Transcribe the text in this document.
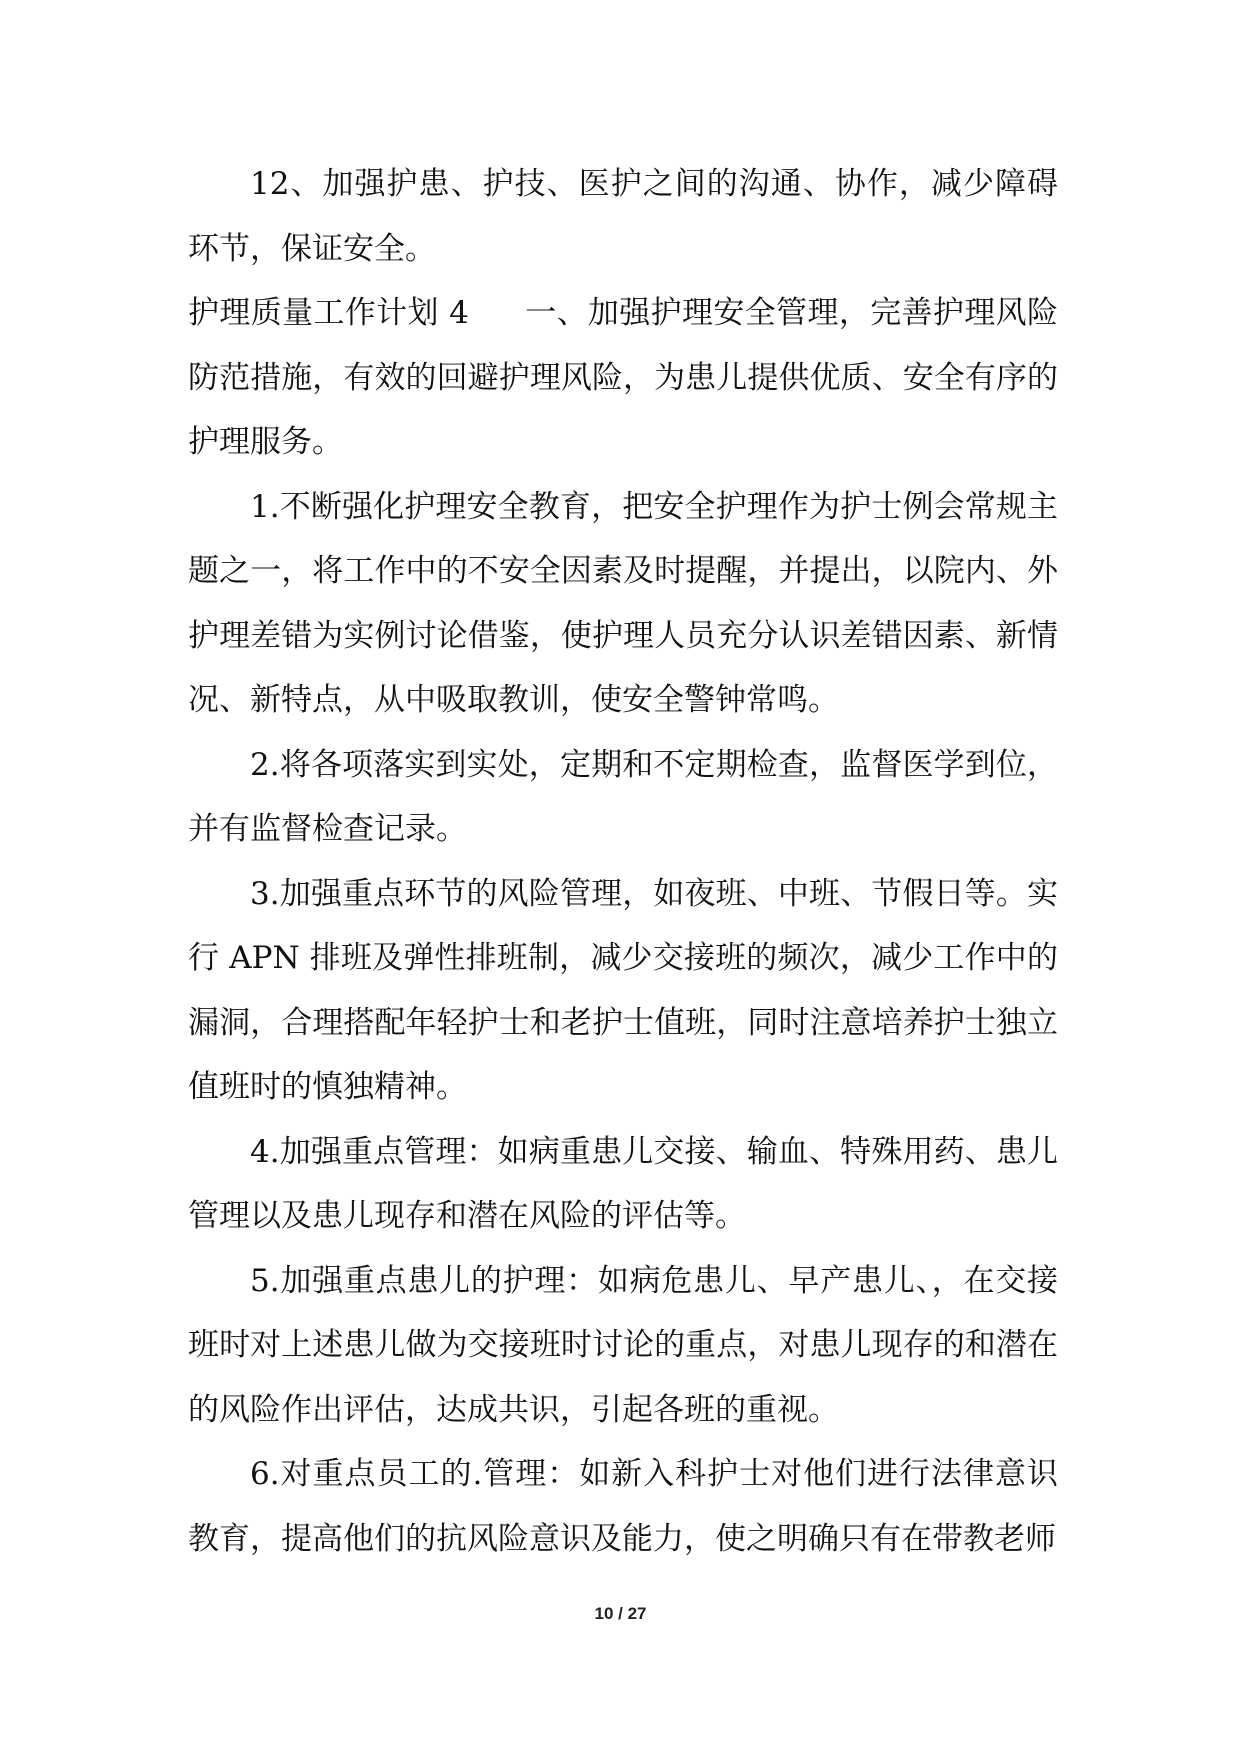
12、加强护患、护技、医护之间的沟通、协作，减少障碍环节，保证安全。

护理质量工作计划 4 一、加强护理安全管理，完善护理风险防范措施，有效的回避护理风险，为患儿提供优质、安全有序的护理服务。

1.不断强化护理安全教育，把安全护理作为护士例会常规主题之一，将工作中的不安全因素及时提醒，并提出，以院内、外护理差错为实例讨论借鉴，使护理人员充分认识差错因素、新情况、新特点，从中吸取教训，使安全警钟常鸣。

2.将各项落实到实处，定期和不定期检查，监督医学到位，并有监督检查记录。

3.加强重点环节的风险管理，如夜班、中班、节假日等。实行 APN 排班及弹性排班制，减少交接班的频次，减少工作中的漏洞，合理搭配年轻护士和老护士值班，同时注意培养护士独立值班时的慎独精神。

4.加强重点管理：如病重患儿交接、输血、特殊用药、患儿管理以及患儿现存和潜在风险的评估等。

5.加强重点患儿的护理：如病危患儿、早产患儿、，在交接班时对上述患儿做为交接班时讨论的重点，对患儿现存的和潜在的风险作出评估，达成共识，引起各班的重视。

6.对重点员工的.管理：如新入科护士对他们进行法律意识教育，提高他们的抗风险意识及能力，使之明确只有在带教老师

10 / 27
